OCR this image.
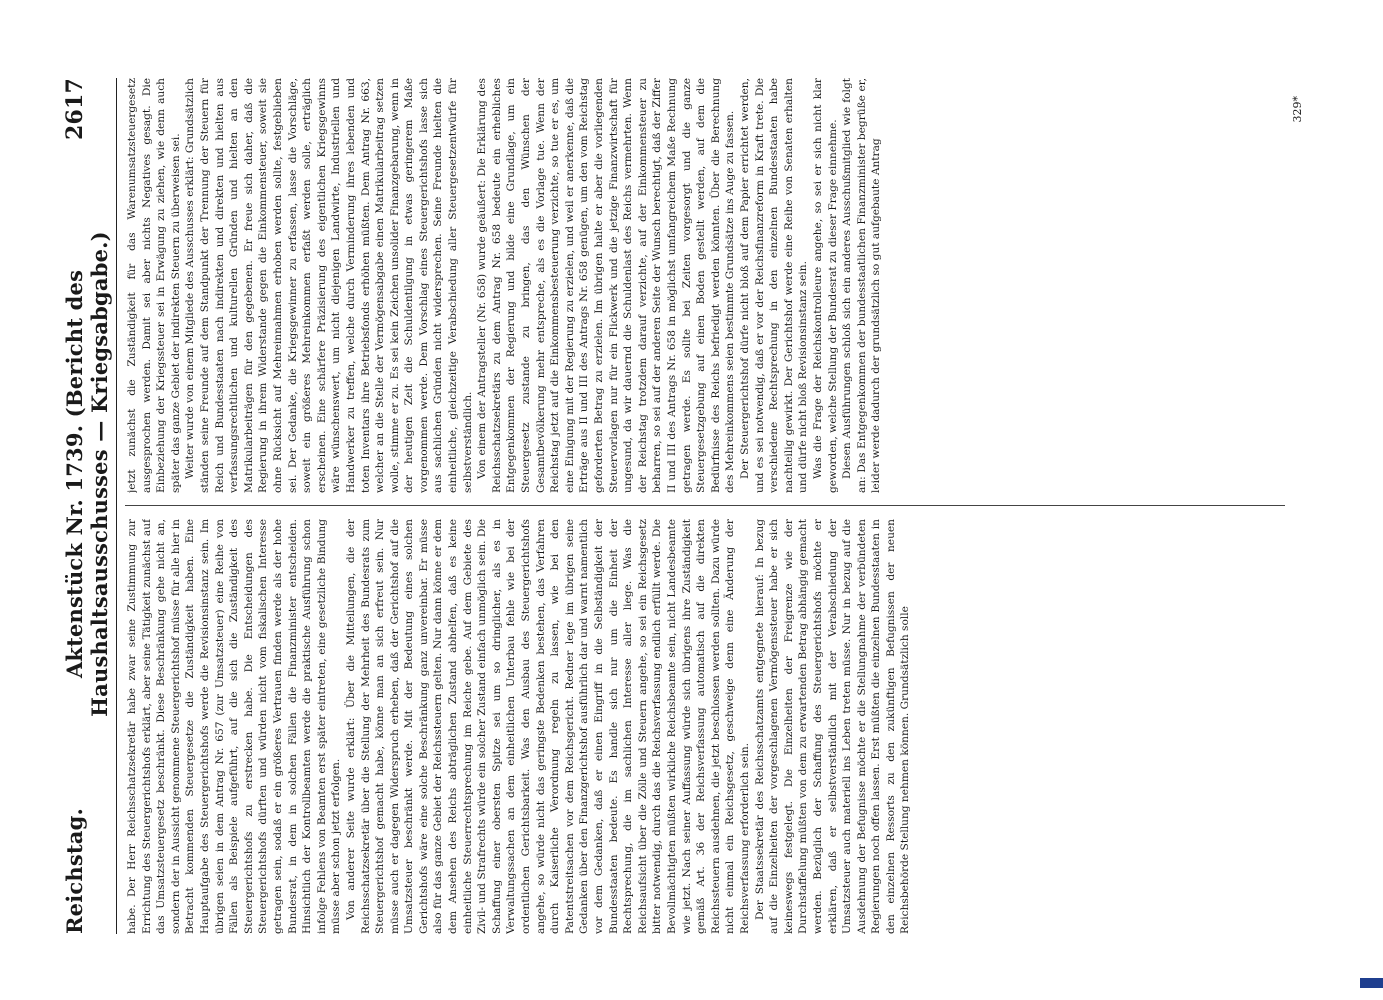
Reichstag.
Aktenstück Nr. 1739. (Bericht des Haushaltsausschusses — Kriegsabgabe.)
2617

habe. Der Herr Reichsschatzsekretär habe zwar seine Zustimmung zur Errichtung des Steuergerichtshofs erklärt, aber seine Tätigkeit zunächst auf das Umsatzsteuergesetz beschränkt. Diese Beschränkung gehe nicht an, sondern der in Aussicht genommene Steuergerichtshof müsse für alle hier in Betracht kommenden Steuergesetze die Zuständigkeit haben. Eine Hauptaufgabe des Steuergerichtshofs werde die Revisionsinstanz sein. Im übrigen seien in dem Antrag Nr. 657 (zur Umsatzsteuer) eine Reihe von Fällen als Beispiele aufgeführt, auf die sich die Zuständigkeit des Steuergerichtshofs zu erstrecken habe. Die Entscheidungen des Steuergerichtshofs dürften und würden nicht vom fiskalischen Interesse getragen sein, sodaß er ein größeres Vertrauen finden werde als der hohe Bundesrat, in dem in solchen Fällen die Finanzminister entscheiden. Hinsichtlich der Kontrollbeamten werde die praktische Ausführung schon infolge Fehlens von Beamten erst später eintreten, eine gesetzliche Bindung müsse aber schon jetzt erfolgen. Von anderer Seite wurde erklärt: Über die Mitteilungen, die der Reichsschatzsekretär über die Stellung der Mehrheit des Bundesrats zum Steuergerichtshof gemacht habe, könne man an sich erfreut sein. Nur müsse auch er dagegen Widerspruch erheben, daß der Gerichtshof auf die Umsatzsteuer beschränkt werde. Mit der Bedeutung eines solchen Gerichtshofs wäre eine solche Beschränkung ganz unvereinbar. Er müsse also für das ganze Gebiet der Reichssteuern gelten. Nur dann könne er dem dem Ansehen des Reichs abträglichen Zustand abhelfen, daß es keine einheitliche Steuerrechtsprechung im Reiche gebe. Auf dem Gebiete des Zivil- und Strafrechts würde ein solcher Zustand einfach unmöglich sein. Die Schaffung einer obersten Spitze sei um so dringlicher, als es in Verwaltungssachen an dem einheitlichen Unterbau fehle wie bei der ordentlichen Gerichtsbarkeit. Was den Ausbau des Steuergerichtshofs angehe, so würde nicht das geringste Bedenken bestehen, das Verfahren durch Kaiserliche Verordnung regeln zu lassen, wie bei den Patentstreitsachen vor dem Reichsgericht. Redner lege im übrigen seine Gedanken über den Finanzgerichtshof ausführlich dar und warnt namentlich vor dem Gedanken, daß er einen Eingriff in die Selbständigkeit der Bundesstaaten bedeute. Es handle sich nur um die Einheit der Rechtsprechung, die im sachlichen Interesse aller liege. Was die Reichsaufsicht über die Zölle und Steuern angehe, so sei ein Reichsgesetz bitter notwendig, durch das die Reichsverfassung endlich erfüllt werde. Die Bevollmächtigten müßten wirkliche Reichsbeamte sein, nicht Landesbeamte wie jetzt. Nach seiner Auffassung würde sich übrigens ihre Zuständigkeit gemäß Art. 36 der Reichsverfassung automatisch auf die direkten Reichssteuern ausdehnen, die jetzt beschlossen werden sollten. Dazu würde nicht einmal ein Reichsgesetz, geschweige denn eine Änderung der Reichsverfassung erforderlich sein. Der Staatssekretär des Reichsschatzamts entgegnete hierauf: In bezug auf die Einzelheiten der vorgeschlagenen Vermögenssteuer habe er sich keineswegs festgelegt. Die Einzelheiten der Freigrenze wie der Durchstaffelung müßten von dem zu erwartenden Betrag abhängig gemacht werden. Bezüglich der Schaffung des Steuergerichtshofs möchte er erklären, daß er selbstverständlich mit der Verabschiedung der Umsatzsteuer auch materiell ins Leben treten müsse. Nur in bezug auf die Ausdehnung der Befugnisse möchte er die Stellungnahme der verbündeten Regierungen noch offen lassen. Erst müßten die einzelnen Bundesstaaten in den einzelnen Ressorts zu den zukünftigen Befugnissen der neuen Reichsbehörde Stellung nehmen können. Grundsätzlich solle

jetzt zunächst die Zuständigkeit für das Warenumsatzsteuergesetz ausgesprochen werden. Damit sei aber nichts Negatives gesagt. Die Einbeziehung der Kriegssteuer sei in Erwägung zu ziehen, wie denn auch später das ganze Gebiet der indirekten Steuern zu überweisen sei. Weiter wurde von einem Mitgliede des Ausschusses erklärt: Grundsätzlich ständen seine Freunde auf dem Standpunkt der Trennung der Steuern für Reich und Bundesstaaten nach indirekten und direkten und hielten aus verfassungsrechtlichen und kulturellen Gründen und hielten an den Matrikularbeiträgen für den gegebenen. Er freue sich daher, daß die Regierung in ihrem Widerstande gegen die Einkommensteuer, soweit sie ohne Rücksicht auf Mehreinnahmen erhoben werden sollte, festgeblieben sei. Der Gedanke, die Kriegsgewinner zu erfassen, lasse die Vorschläge, soweit ein größeres Mehreinkommen erfaßt werden solle, erträglich erscheinen. Eine schärfere Präzisierung des eigentlichen Kriegsgewinns wäre wünschenswert, um nicht diejenigen Landwirte, Industriellen und Handwerker zu treffen, welche durch Verminderung ihres lebenden und toten Inventars ihre Betriebsfonds erhöhen müßten. Dem Antrag Nr. 663, welcher an die Stelle der Vermögensabgabe einen Matrikularbeitrag setzen wolle, stimme er zu. Es sei kein Zeichen unsolider Finanzgebarung, wenn in der heutigen Zeit die Schuldentilgung in etwas geringerem Maße vorgenommen werde. Dem Vorschlag eines Steuergerichtshofs lasse sich aus sachlichen Gründen nicht widersprechen. Seine Freunde hielten die einheitliche, gleichzeitige Verabschiedung aller Steuergesetzentwürfe für selbstverständlich. Von einem der Antragsteller (Nr. 658) wurde geäußert: Die Erklärung des Reichsschatzsekretärs zu dem Antrag Nr. 658 bedeute ein erhebliches Entgegenkommen der Regierung und bilde eine Grundlage, um ein Steuergesetz zustande zu bringen, das den Wünschen der Gesamtbevölkerung mehr entspreche, als es die Vorlage tue. Wenn der Reichstag jetzt auf die Einkommensbesteuerung verzichte, so tue er es, um eine Einigung mit der Regierung zu erzielen, und weil er anerkenne, daß die Erträge aus II und III des Antrags Nr. 658 genügen, um den vom Reichstag geforderten Betrag zu erzielen. Im übrigen halte er aber die vorliegenden Steuervorlagen nur für ein Flickwerk und die jetzige Finanzwirtschaft für ungesund, da wir dauernd die Schuldenlast des Reichs vermehrten. Wenn der Reichstag trotzdem darauf verzichte, auf der Einkommensteuer zu beharren, so sei auf der anderen Seite der Wunsch berechtigt, daß der Ziffer II und III des Antrags Nr. 658 in möglichst umfangreichem Maße Rechnung getragen werde. Es sollte bei Zeiten vorgesorgt und die ganze Steuergesetzgebung auf einen Boden gestellt werden, auf dem die Bedürfnisse des Reichs befriedigt werden könnten. Über die Berechnung des Mehreinkommens seien bestimmte Grundsätze ins Auge zu fassen. Der Steuergerichtshof dürfe nicht bloß auf dem Papier errichtet werden, und es sei notwendig, daß er vor der Reichsfinanzreform in Kraft trete. Die verschiedene Rechtsprechung in den einzelnen Bundesstaaten habe nachteilig gewirkt. Der Gerichtshof werde eine Reihe von Senaten erhalten und dürfe nicht bloß Revisionsinstanz sein. Was die Frage der Reichskontrolleure angehe, so sei er sich nicht klar geworden, welche Stellung der Bundesrat zu dieser Frage einnehme. Diesen Ausführungen schloß sich ein anderes Ausschußmitglied wie folgt an: Das Entgegenkommen der bundesstaatlichen Finanzminister begrüße er, leider werde dadurch der grundsätzlich so gut aufgebaute Antrag

329*
